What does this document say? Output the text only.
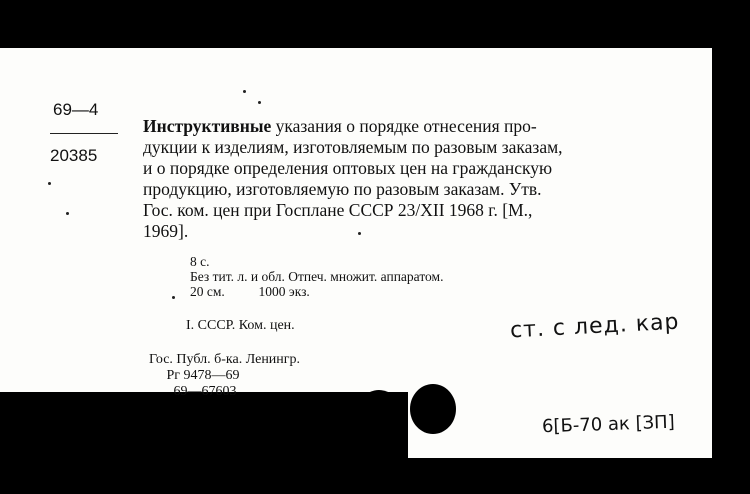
69—4
20385
Инструктивные указания о порядке отнесения про-
дукции к изделиям, изготовляемым по разовым заказам,
и о порядке определения оптовых цен на гражданскую
продукцию, изготовляемую по разовым заказам. Утв.
Гос. ком. цен при Госплане СССР 23/XII 1968 г. [М.,
1969].
8 с.
Без тит. л. и обл. Отпеч. множит. аппаратом.
20 см.          1000 экз.
I. СССР. Ком. цен.
Гос. Публ. б-ка. Ленингр.
Рг 9478—69
69—67603
ст. с лед. кар
6[Б-70 ак [ЗП]
